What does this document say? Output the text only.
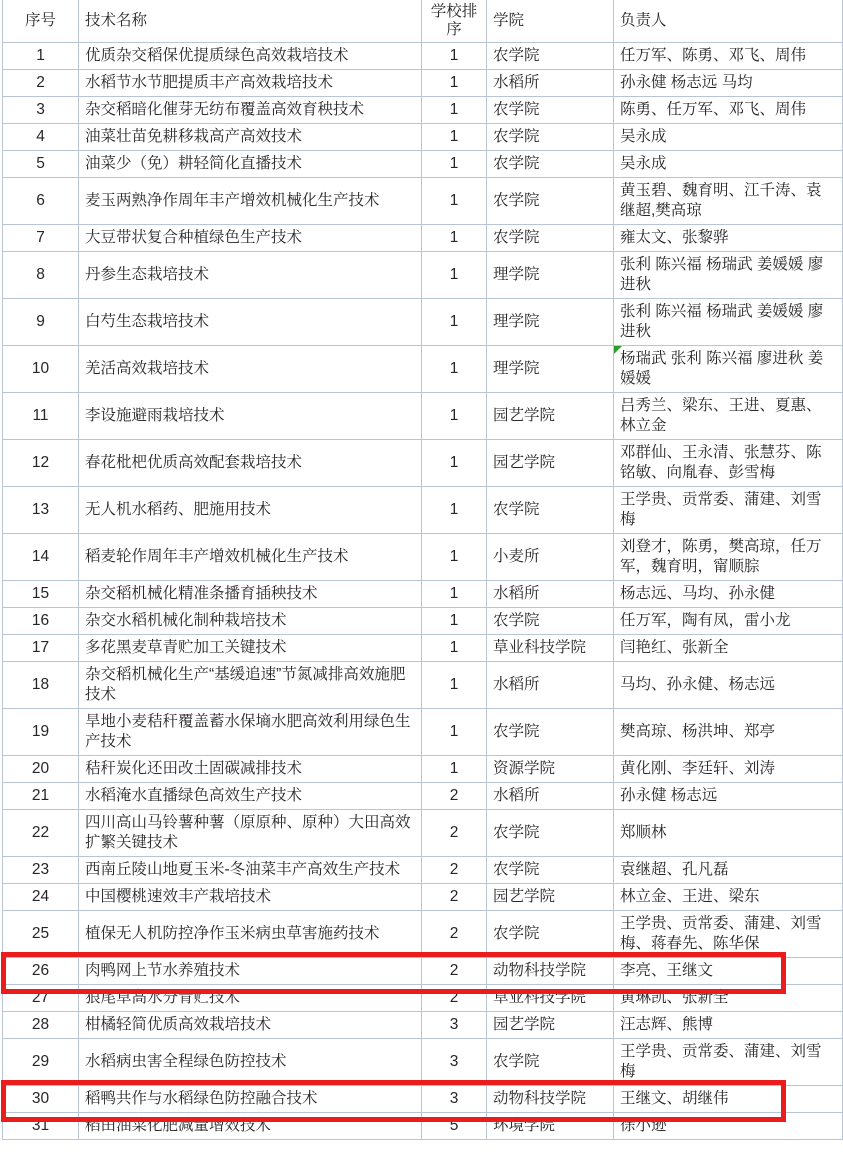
序号	技术名称	学校排序	学院	负责人
1	优质杂交稻保优提质绿色高效栽培技术	1	农学院	任万军、陈勇、邓飞、周伟
2	水稻节水节肥提质丰产高效栽培技术	1	水稻所	孙永健 杨志远 马均
3	杂交稻暗化催芽无纺布覆盖高效育秧技术	1	农学院	陈勇、任万军、邓飞、周伟
4	油菜壮苗免耕移栽高产高效技术	1	农学院	吴永成
5	油菜少（免）耕轻简化直播技术	1	农学院	吴永成
6	麦玉两熟净作周年丰产增效机械化生产技术	1	农学院	黄玉碧、魏育明、江千涛、袁继超,樊高琼
7	大豆带状复合种植绿色生产技术	1	农学院	雍太文、张黎骅
8	丹参生态栽培技术	1	理学院	张利 陈兴福 杨瑞武 姜媛媛 廖进秋
9	白芍生态栽培技术	1	理学院	张利 陈兴福 杨瑞武 姜媛媛 廖进秋
10	羌活高效栽培技术	1	理学院	杨瑞武 张利 陈兴福 廖进秋 姜媛媛

11	李设施避雨栽培技术	1	园艺学院	吕秀兰、梁东、王进、夏惠、林立金
12	春花枇杷优质高效配套栽培技术	1	园艺学院	邓群仙、王永清、张慧芬、陈铭敏、向胤春、彭雪梅
13	无人机水稻药、肥施用技术	1	农学院	王学贵、贡常委、蒲建、刘雪梅
14	稻麦轮作周年丰产增效机械化生产技术	1	小麦所	刘登才，陈勇，樊高琼，任万军，魏育明，甯顺腙
15	杂交稻机械化精准条播育插秧技术	1	水稻所	杨志远、马均、孙永健
16	杂交水稻机械化制种栽培技术	1	农学院	任万军，陶有凤，雷小龙
17	多花黑麦草青贮加工关键技术	1	草业科技学院	闫艳红、张新全
18	杂交稻机械化生产“基缓追速”节氮减排高效施肥技术	1	水稻所	马均、孙永健、杨志远
19	旱地小麦秸秆覆盖蓄水保墒水肥高效利用绿色生产技术	1	农学院	樊高琼、杨洪坤、郑亭
20	秸秆炭化还田改土固碳减排技术	1	资源学院	黄化刚、李廷轩、刘涛
21	水稻淹水直播绿色高效生产技术	2	水稻所	孙永健 杨志远
22	四川高山马铃薯种薯（原原种、原种）大田高效扩繁关键技术	2	农学院	郑顺林
23	西南丘陵山地夏玉米-冬油菜丰产高效生产技术	2	农学院	袁继超、孔凡磊
24	中国樱桃速效丰产栽培技术	2	园艺学院	林立金、王进、梁东
25	植保无人机防控净作玉米病虫草害施药技术	2	农学院	王学贵、贡常委、蒲建、刘雪梅、蒋春先、陈华保
26	肉鸭网上节水养殖技术	2	动物科技学院	李亮、王继文
27	狼尾草高水分青贮技术	2	草业科技学院	黄琳凯、张新全
28	柑橘轻简优质高效栽培技术	3	园艺学院	汪志辉、熊博
29	水稻病虫害全程绿色防控技术	3	农学院	王学贵、贡常委、蒲建、刘雪梅
30	稻鸭共作与水稻绿色防控融合技术	3	动物科技学院	王继文、胡继伟
31	稻田油菜化肥减量增效技术	5	环境学院	徐小逊
